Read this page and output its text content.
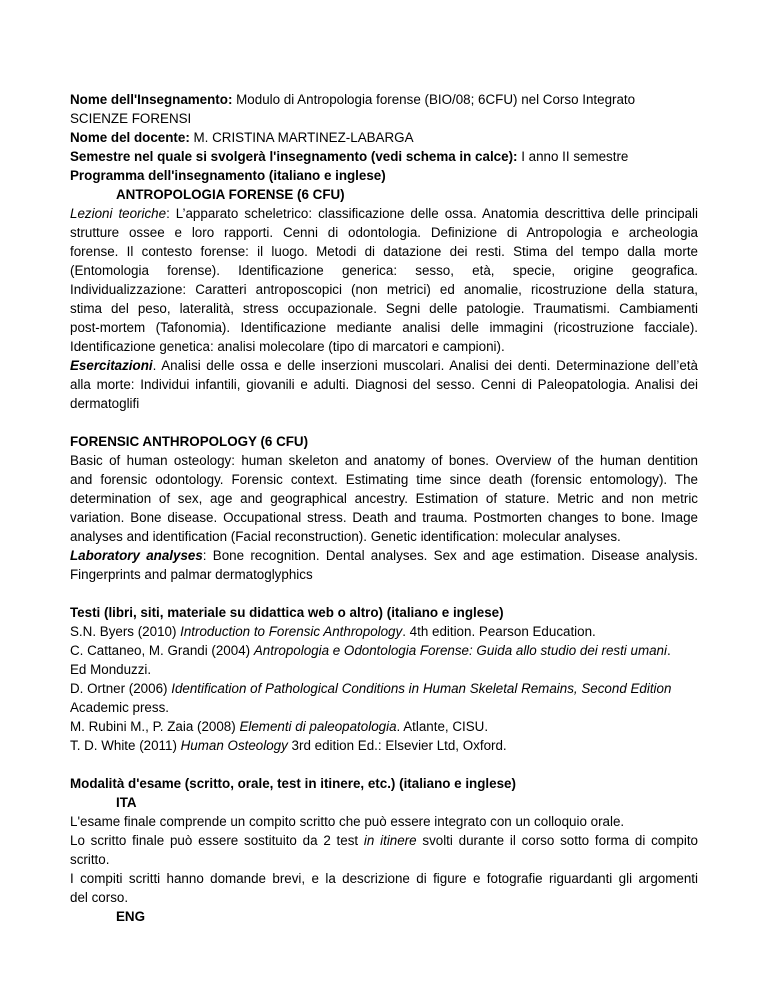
Nome dell'Insegnamento: Modulo di Antropologia forense (BIO/08; 6CFU) nel Corso Integrato
SCIENZE FORENSI
Nome del docente: M. CRISTINA MARTINEZ-LABARGA
Semestre nel quale si svolgerà l'insegnamento (vedi schema in calce): I anno II semestre
Programma dell'insegnamento (italiano e inglese)
ANTROPOLOGIA FORENSE (6 CFU)
Lezioni teoriche: L’apparato scheletrico: classificazione delle ossa. Anatomia descrittiva delle principali
strutture ossee e loro rapporti. Cenni di odontologia. Definizione di Antropologia e archeologia
forense. Il contesto forense: il luogo. Metodi di datazione dei resti. Stima del tempo dalla morte
(Entomologia forense). Identificazione generica: sesso, età, specie, origine geografica.
Individualizzazione: Caratteri antroposcopici (non metrici) ed anomalie, ricostruzione della statura,
stima del peso, lateralità, stress occupazionale. Segni delle patologie. Traumatismi. Cambiamenti
post-mortem (Tafonomia). Identificazione mediante analisi delle immagini (ricostruzione facciale).
Identificazione genetica: analisi molecolare (tipo di marcatori e campioni).
Esercitazioni. Analisi delle ossa e delle inserzioni muscolari. Analisi dei denti. Determinazione dell’età
alla morte: Individui infantili, giovanili e adulti. Diagnosi del sesso. Cenni di Paleopatologia. Analisi dei
dermatoglifi
FORENSIC ANTHROPOLOGY (6 CFU)
Basic of human osteology: human skeleton and anatomy of bones. Overview of the human dentition
and forensic odontology. Forensic context. Estimating time since death (forensic entomology). The
determination of sex, age and geographical ancestry. Estimation of stature. Metric and non metric
variation. Bone disease. Occupational stress. Death and trauma. Postmorten changes to bone. Image
analyses and identification (Facial reconstruction). Genetic identification: molecular analyses.
Laboratory analyses: Bone recognition. Dental analyses. Sex and age estimation. Disease analysis.
Fingerprints and palmar dermatoglyphics
Testi (libri, siti, materiale su didattica web o altro) (italiano e inglese)
S.N. Byers (2010) Introduction to Forensic Anthropology. 4th edition. Pearson Education.
C. Cattaneo, M. Grandi (2004) Antropologia e Odontologia Forense: Guida allo studio dei resti umani.
Ed Monduzzi.
D. Ortner (2006) Identification of Pathological Conditions in Human Skeletal Remains, Second Edition
Academic press.
M. Rubini M., P. Zaia (2008) Elementi di paleopatologia. Atlante, CISU.
T. D. White (2011) Human Osteology 3rd edition Ed.: Elsevier Ltd, Oxford.
Modalità d'esame (scritto, orale, test in itinere, etc.) (italiano e inglese)
ITA
L'esame finale comprende un compito scritto che può essere integrato con un colloquio orale.
Lo scritto finale può essere sostituito da 2 test in itinere svolti durante il corso sotto forma di compito
scritto.
I compiti scritti hanno domande brevi, e la descrizione di figure e fotografie riguardanti gli argomenti
del corso.
ENG
